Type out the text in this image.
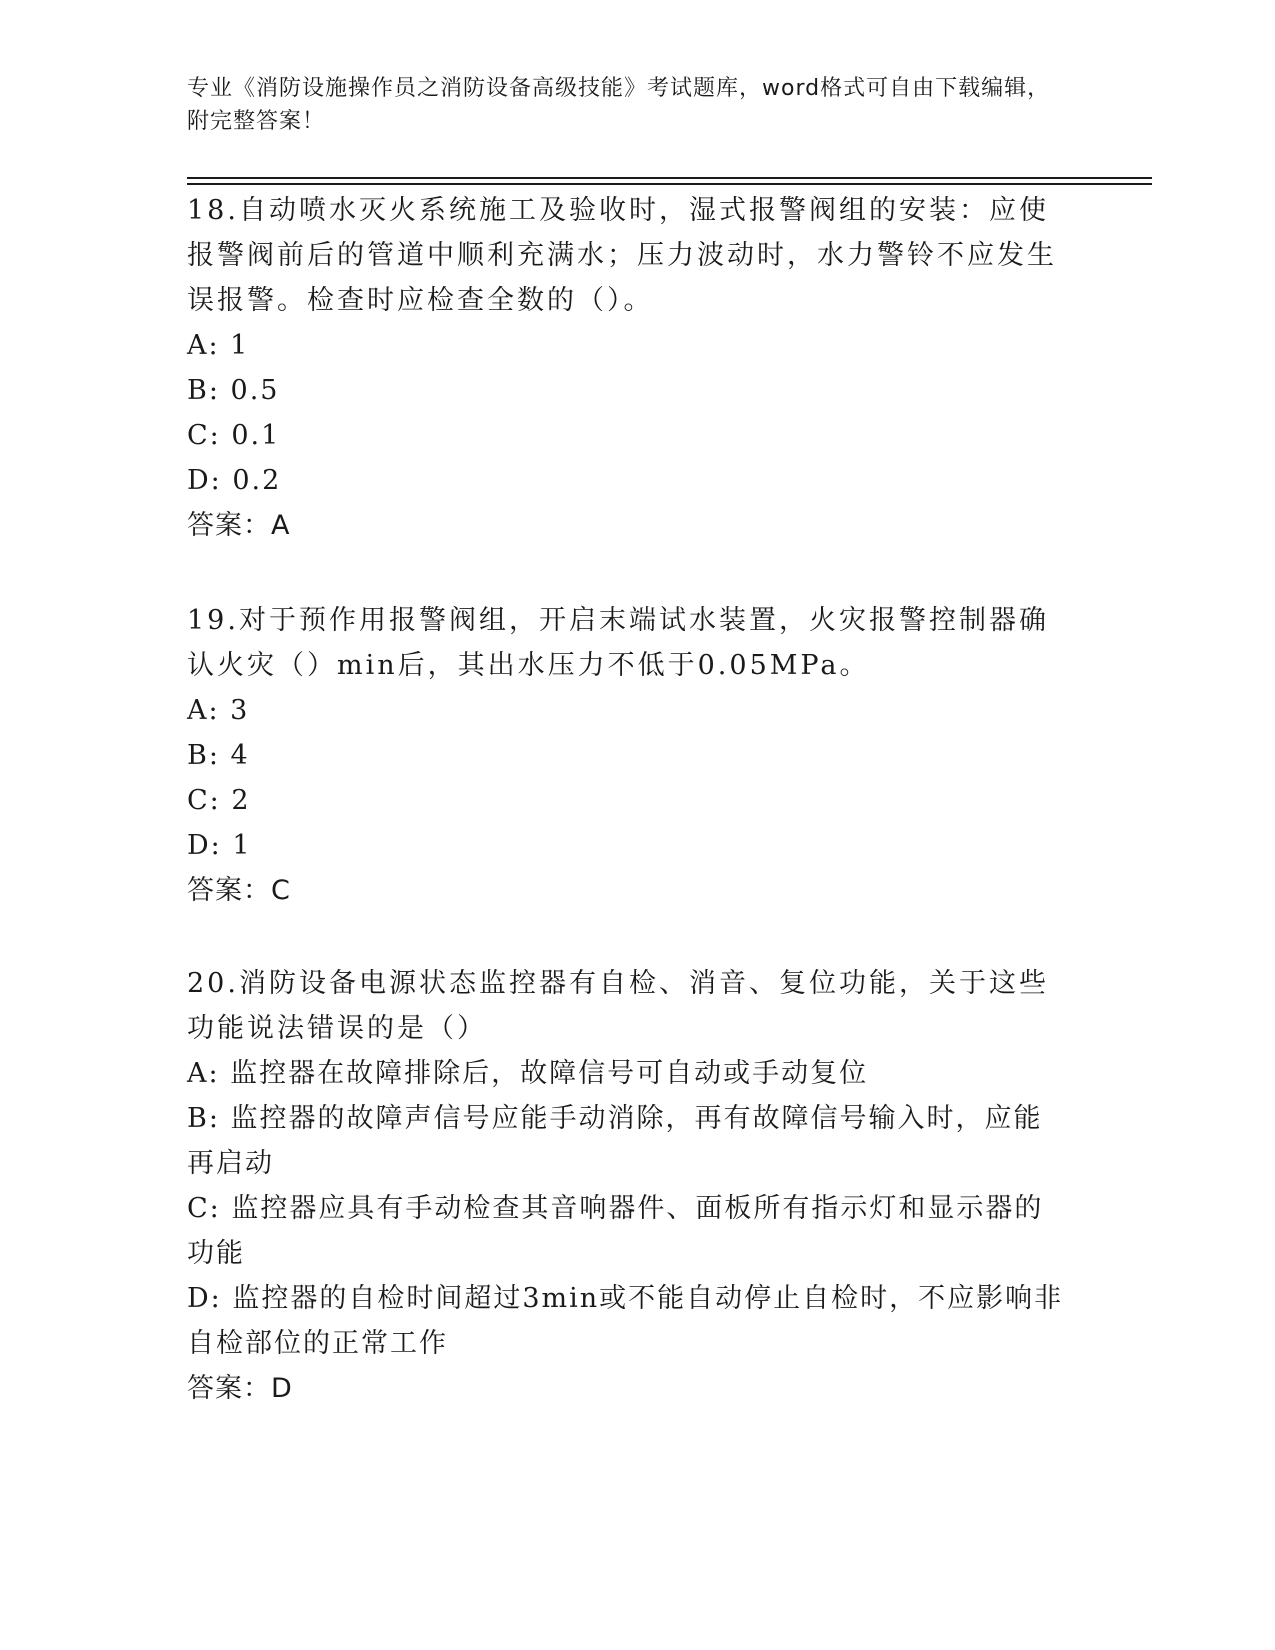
专业《消防设施操作员之消防设备高级技能》考试题库，word格式可自由下载编辑，附完整答案！

18.自动喷水灭火系统施工及验收时，湿式报警阀组的安装：应使报警阀前后的管道中顺利充满水；压力波动时，水力警铃不应发生误报警。检查时应检查全数的（）。

A: 1

B: 0.5

C: 0.1

D: 0.2

答案：A

19.对于预作用报警阀组，开启末端试水装置，火灾报警控制器确认火灾（）min后，其出水压力不低于0.05MPa。

A: 3

B: 4

C: 2

D: 1

答案：C

20.消防设备电源状态监控器有自检、消音、复位功能，关于这些功能说法错误的是（）

A: 监控器在故障排除后，故障信号可自动或手动复位

B: 监控器的故障声信号应能手动消除，再有故障信号输入时，应能再启动

C: 监控器应具有手动检查其音响器件、面板所有指示灯和显示器的功能

D: 监控器的自检时间超过3min或不能自动停止自检时，不应影响非自检部位的正常工作

答案：D
